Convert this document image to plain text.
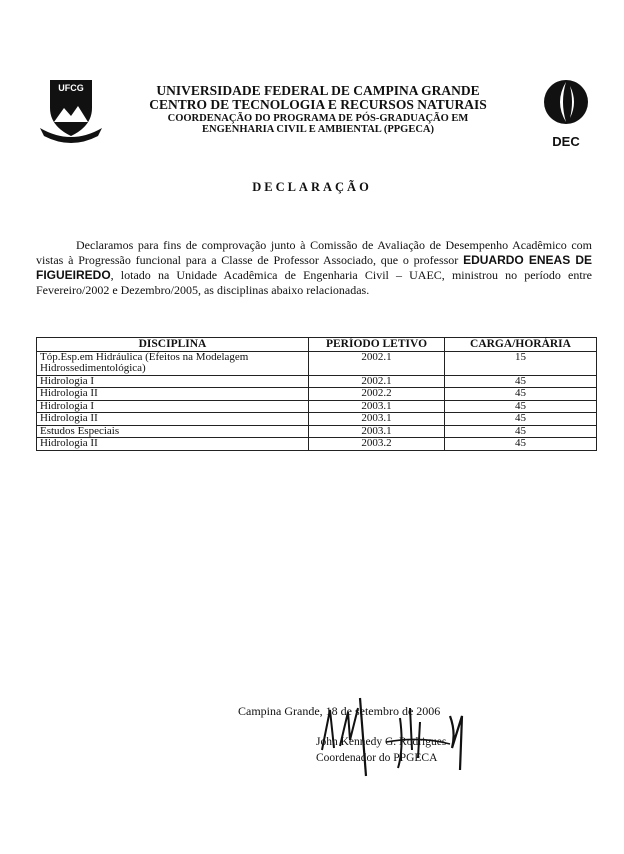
UFCG
DEC
UNIVERSIDADE FEDERAL DE CAMPINA GRANDE
CENTRO DE TECNOLOGIA E RECURSOS NATURAIS
COORDENAÇÃO DO PROGRAMA DE PÓS-GRADUAÇÃO EM
ENGENHARIA CIVIL E AMBIENTAL (PPGECA)
DECLARAÇÃO

Declaramos para fins de comprovação junto à Comissão de Avaliação de Desempenho Acadêmico com vistas à Progressão funcional para a Classe de Professor Associado, que o professor EDUARDO ENEAS DE FIGUEIREDO, lotado na Unidade Acadêmica de Engenharia Civil – UAEC, ministrou no período entre Fevereiro/2002 e Dezembro/2005, as disciplinas abaixo relacionadas.

DISCIPLINA	PERÍODO LETIVO	CARGA/HORÁRIA
Tóp.Esp.em Hidráulica (Efeitos na Modelagem Hidrossedimentológica)	2002.1	15
Hidrologia I	2002.1	45
Hidrologia II	2002.2	45
Hidrologia I	2003.1	45
Hidrologia II	2003.1	45
Estudos Especiais	2003.1	45
Hidrologia II	2003.2	45
Campina Grande, 18 de setembro de 2006
John Kennedy G. Rodrigues
Coordenador do PPGECA
